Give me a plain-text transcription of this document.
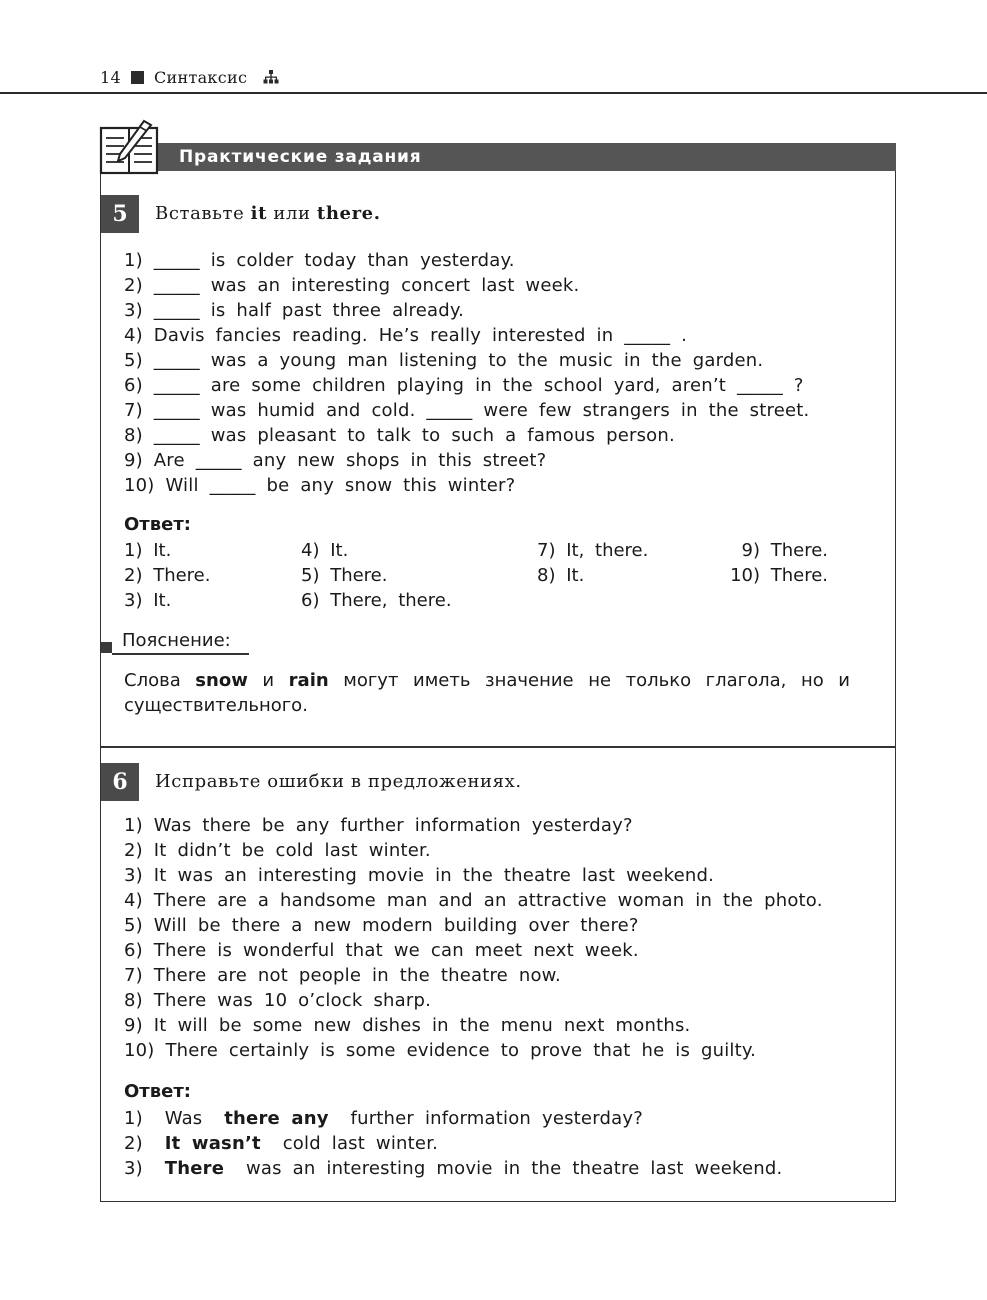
14 Синтаксис
Практические задания
5	Вставьте it или there.
1) _____ is colder today than yesterday.
2) _____ was an interesting concert last week.
3) _____ is half past three already.
4) Davis fancies reading. He’s really interested in _____ .
5) _____ was a young man listening to the music in the garden.
6) _____ are some children playing in the school yard, aren’t _____ ?
7) _____ was humid and cold. _____ were few strangers in the street.
8) _____ was pleasant to talk to such a famous person.
9) Are _____ any new shops in this street?
10) Will _____ be any snow this winter?
Ответ:
1) It.
2) There.
3) It.
4) It.
5) There.
6) There, there.
7) It, there.
8) It.
9) There.
10) There.
Пояснение:
Слова snow и rain могут иметь значение не только глагола, но и существительного.
6	Исправьте ошибки в предложениях.
1) Was there be any further information yesterday?
2) It didn’t be cold last winter.
3) It was an interesting movie in the theatre last weekend.
4) There are a handsome man and an attractive woman in the photo.
5) Will be there a new modern building over there?
6) There is wonderful that we can meet next week.
7) There are not people in the theatre now.
8) There was 10 o’clock sharp.
9) It will be some new dishes in the menu next months.
10) There certainly is some evidence to prove that he is guilty.
Ответ:
1) Was there any further information yesterday?
2) It wasn’t cold last winter.
3) There was an interesting movie in the theatre last weekend.
